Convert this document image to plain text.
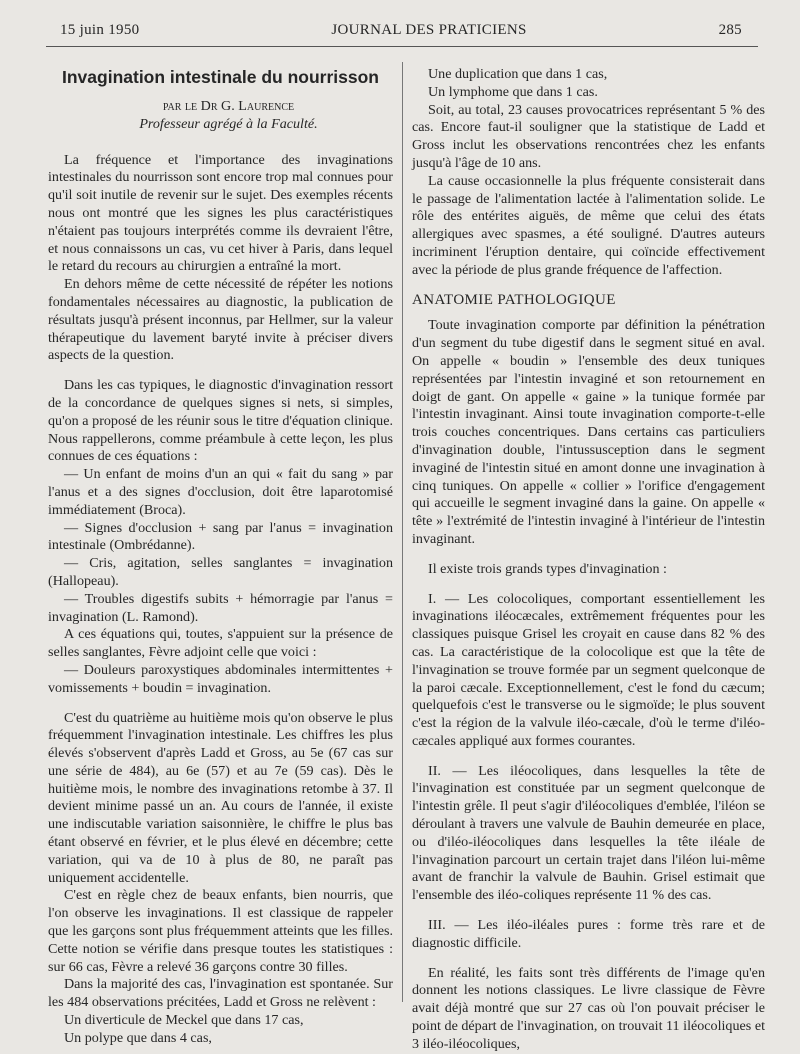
15 juin 1950	JOURNAL DES PRATICIENS	285
Invagination intestinale du nourrisson

par le Dr G. Laurence

Professeur agrégé à la Faculté.

La fréquence et l'importance des invaginations intestinales du nourrisson sont encore trop mal connues pour qu'il soit inutile de revenir sur le sujet. Des exemples récents nous ont montré que les signes les plus caractéristiques n'étaient pas toujours interprétés comme ils devraient l'être, et nous connaissons un cas, vu cet hiver à Paris, dans lequel le retard du recours au chirurgien a entraîné la mort.

En dehors même de cette nécessité de répéter les notions fondamentales nécessaires au diagnostic, la publication de résultats jusqu'à présent inconnus, par Hellmer, sur la valeur thérapeutique du lavement baryté invite à préciser divers aspects de la question.

Dans les cas typiques, le diagnostic d'invagination ressort de la concordance de quelques signes si nets, si simples, qu'on a proposé de les réunir sous le titre d'équation clinique. Nous rappellerons, comme préambule à cette leçon, les plus connues de ces équations :

— Un enfant de moins d'un an qui « fait du sang » par l'anus et a des signes d'occlusion, doit être laparotomisé immédiatement (Broca).

— Signes d'occlusion + sang par l'anus = invagination intestinale (Ombrédanne).

— Cris, agitation, selles sanglantes = invagination (Hallopeau).

— Troubles digestifs subits + hémorragie par l'anus = invagination (L. Ramond).

A ces équations qui, toutes, s'appuient sur la présence de selles sanglantes, Fèvre adjoint celle que voici :

— Douleurs paroxystiques abdominales intermittentes + vomissements + boudin = invagination.

C'est du quatrième au huitième mois qu'on observe le plus fréquemment l'invagination intestinale. Les chiffres les plus élevés s'observent d'après Ladd et Gross, au 5e (67 cas sur une série de 484), au 6e (57) et au 7e (59 cas). Dès le huitième mois, le nombre des invaginations retombe à 37. Il devient minime passé un an. Au cours de l'année, il existe une indiscutable variation saisonnière, le chiffre le plus bas étant observé en février, et le plus élevé en décembre; cette variation, qui va de 10 à plus de 80, ne paraît pas uniquement accidentelle.

C'est en règle chez de beaux enfants, bien nourris, que l'on observe les invaginations. Il est classique de rappeler que les garçons sont plus fréquemment atteints que les filles. Cette notion se vérifie dans presque toutes les statistiques : sur 66 cas, Fèvre a relevé 36 garçons contre 30 filles.

Dans la majorité des cas, l'invagination est spontanée. Sur les 484 observations précitées, Ladd et Gross ne relèvent :

Un diverticule de Meckel que dans 17 cas,

Un polype que dans 4 cas,

Une duplication que dans 1 cas,

Un lymphome que dans 1 cas.

Soit, au total, 23 causes provocatrices représentant 5 % des cas. Encore faut-il souligner que la statistique de Ladd et Gross inclut les observations rencontrées chez les enfants jusqu'à l'âge de 10 ans.

La cause occasionnelle la plus fréquente consisterait dans le passage de l'alimentation lactée à l'alimentation solide. Le rôle des entérites aiguës, de même que celui des états allergiques avec spasmes, a été souligné. D'autres auteurs incriminent l'éruption dentaire, qui coïncide effectivement avec la période de plus grande fréquence de l'affection.

ANATOMIE PATHOLOGIQUE

Toute invagination comporte par définition la pénétration d'un segment du tube digestif dans le segment situé en aval. On appelle « boudin » l'ensemble des deux tuniques représentées par l'intestin invaginé et son retournement en doigt de gant. On appelle « gaine » la tunique formée par l'intestin invaginant. Ainsi toute invagination comporte-t-elle trois couches concentriques. Dans certains cas particuliers d'invagination double, l'intussusception dans le segment invaginé de l'intestin situé en amont donne une invagination à cinq tuniques. On appelle « collier » l'orifice d'engagement qui accueille le segment invaginé dans la gaine. On appelle « tête » l'extrémité de l'intestin invaginé à l'intérieur de l'intestin invaginant.

Il existe trois grands types d'invagination :

I. — Les colocoliques, comportant essentiellement les invaginations iléocæcales, extrêmement fréquentes pour les classiques puisque Grisel les croyait en cause dans 82 % des cas. La caractéristique de la colocolique est que la tête de l'invagination se trouve formée par un segment quelconque de la paroi cæcale. Exceptionnellement, c'est le fond du cæcum; quelquefois c'est le transverse ou le sigmoïde; le plus souvent c'est la région de la valvule iléo-cæcale, d'où le terme d'iléo-cæcales appliqué aux formes courantes.

II. — Les iléocoliques, dans lesquelles la tête de l'invagination est constituée par un segment quelconque de l'intestin grêle. Il peut s'agir d'iléocoliques d'emblée, l'iléon se déroulant à travers une valvule de Bauhin demeurée en place, ou d'iléo-iléocoliques dans lesquelles la tête iléale de l'invagination parcourt un certain trajet dans l'iléon lui-même avant de franchir la valvule de Bauhin. Grisel estimait que l'ensemble des iléo-coliques représente 11 % des cas.

III. — Les iléo-iléales pures : forme très rare et de diagnostic difficile.

En réalité, les faits sont très différents de l'image qu'en donnent les notions classiques. Le livre classique de Fèvre avait déjà montré que sur 27 cas où l'on pouvait préciser le point de départ de l'invagination, on trouvait 11 iléocoliques et 3 iléo-iléocoliques,
